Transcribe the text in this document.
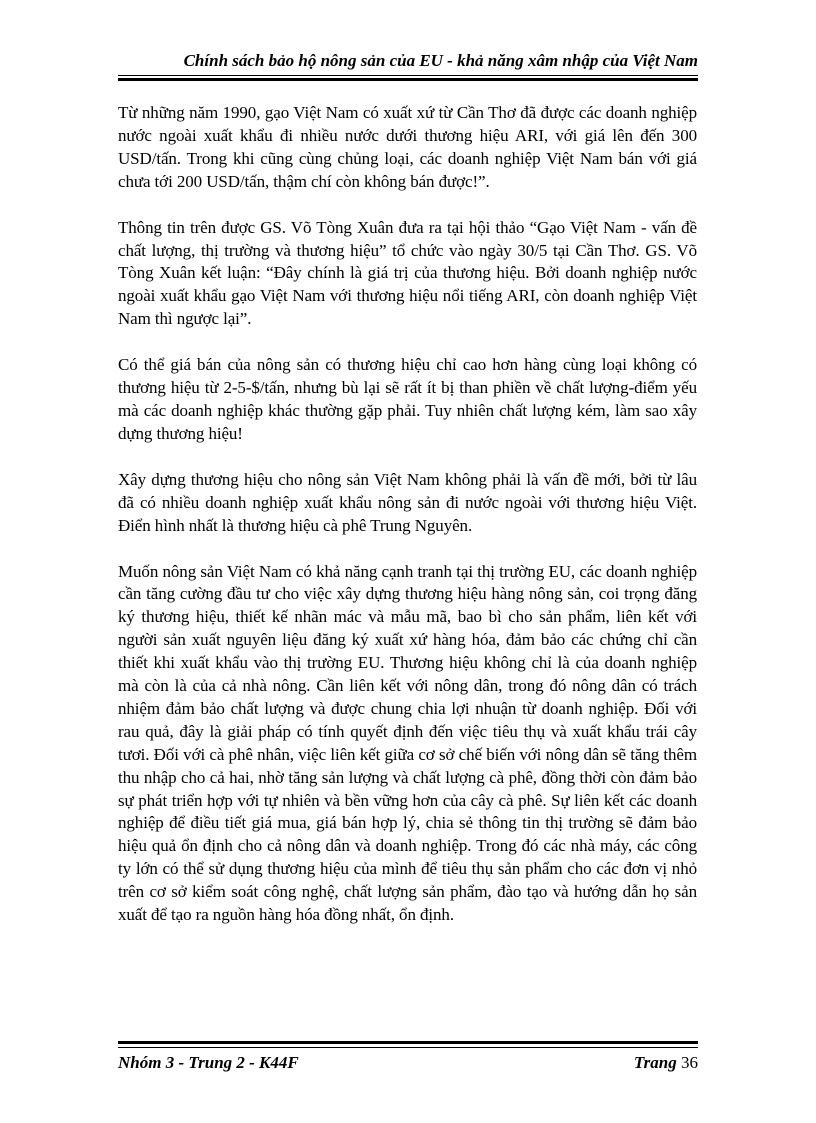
Chính sách bảo hộ nông sản của EU - khả năng xâm nhập của Việt Nam

Từ những năm 1990, gạo Việt Nam có xuất xứ từ Cần Thơ đã được các doanh nghiệp nước ngoài xuất khẩu đi nhiều nước dưới thương hiệu ARI, với giá lên đến 300 USD/tấn. Trong khi cũng cùng chủng loại, các doanh nghiệp Việt Nam bán với giá chưa tới 200 USD/tấn, thậm chí còn không bán được!”.

Thông tin trên được GS. Võ Tòng Xuân đưa ra tại hội thảo “Gạo Việt Nam - vấn đề chất lượng, thị trường và thương hiệu” tổ chức vào ngày 30/5 tại Cần Thơ. GS. Võ Tòng Xuân kết luận: “Đây chính là giá trị của thương hiệu. Bởi doanh nghiệp nước ngoài xuất khẩu gạo Việt Nam với thương hiệu nổi tiếng ARI, còn doanh nghiệp Việt Nam thì ngược lại”.

Có thể giá bán của nông sản có thương hiệu chỉ cao hơn hàng cùng loại không có thương hiệu từ 2-5-$/tấn, nhưng bù lại sẽ rất ít bị than phiền về chất lượng-điểm yếu mà các doanh nghiệp khác thường gặp phải. Tuy nhiên chất lượng kém, làm sao xây dựng thương hiệu!

Xây dựng thương hiệu cho nông sản Việt Nam không phải là vấn đề mới, bởi từ lâu đã có nhiều doanh nghiệp xuất khẩu nông sản đi nước ngoài với thương hiệu Việt. Điển hình nhất là thương hiệu cà phê Trung Nguyên.

Muốn nông sản Việt Nam có khả năng cạnh tranh tại thị trường EU, các doanh nghiệp cần tăng cường đầu tư cho việc xây dựng thương hiệu hàng nông sản, coi trọng đăng ký thương hiệu, thiết kế nhãn mác và mẫu mã, bao bì cho sản phẩm, liên kết với người sản xuất nguyên liệu đăng ký xuất xứ hàng hóa, đảm bảo các chứng chỉ cần thiết khi xuất khẩu vào thị trường EU. Thương hiệu không chỉ là của doanh nghiệp mà còn là của cả nhà nông. Cần liên kết với nông dân, trong đó nông dân có trách nhiệm đảm bảo chất lượng và được chung chia lợi nhuận từ doanh nghiệp. Đối với rau quả, đây là giải pháp có tính quyết định đến việc tiêu thụ và xuất khẩu trái cây tươi. Đối với cà phê nhân, việc liên kết giữa cơ sở chế biến với nông dân sẽ tăng thêm thu nhập cho cả hai, nhờ tăng sản lượng và chất lượng cà phê, đồng thời còn đảm bảo sự phát triển hợp với tự nhiên và bền vững hơn của cây cà phê. Sự liên kết các doanh nghiệp để điều tiết giá mua, giá bán hợp lý, chia sẻ thông tin thị trường sẽ đảm bảo hiệu quả ổn định cho cả nông dân và doanh nghiệp. Trong đó các nhà máy, các công ty lớn có thể sử dụng thương hiệu của mình để tiêu thụ sản phẩm cho các đơn vị nhỏ trên cơ sở kiểm soát công nghệ, chất lượng sản phẩm, đào tạo và hướng dẫn họ sản xuất để tạo ra nguồn hàng hóa đồng nhất, ổn định.

Nhóm 3 - Trung 2 - K44F	Trang 36
